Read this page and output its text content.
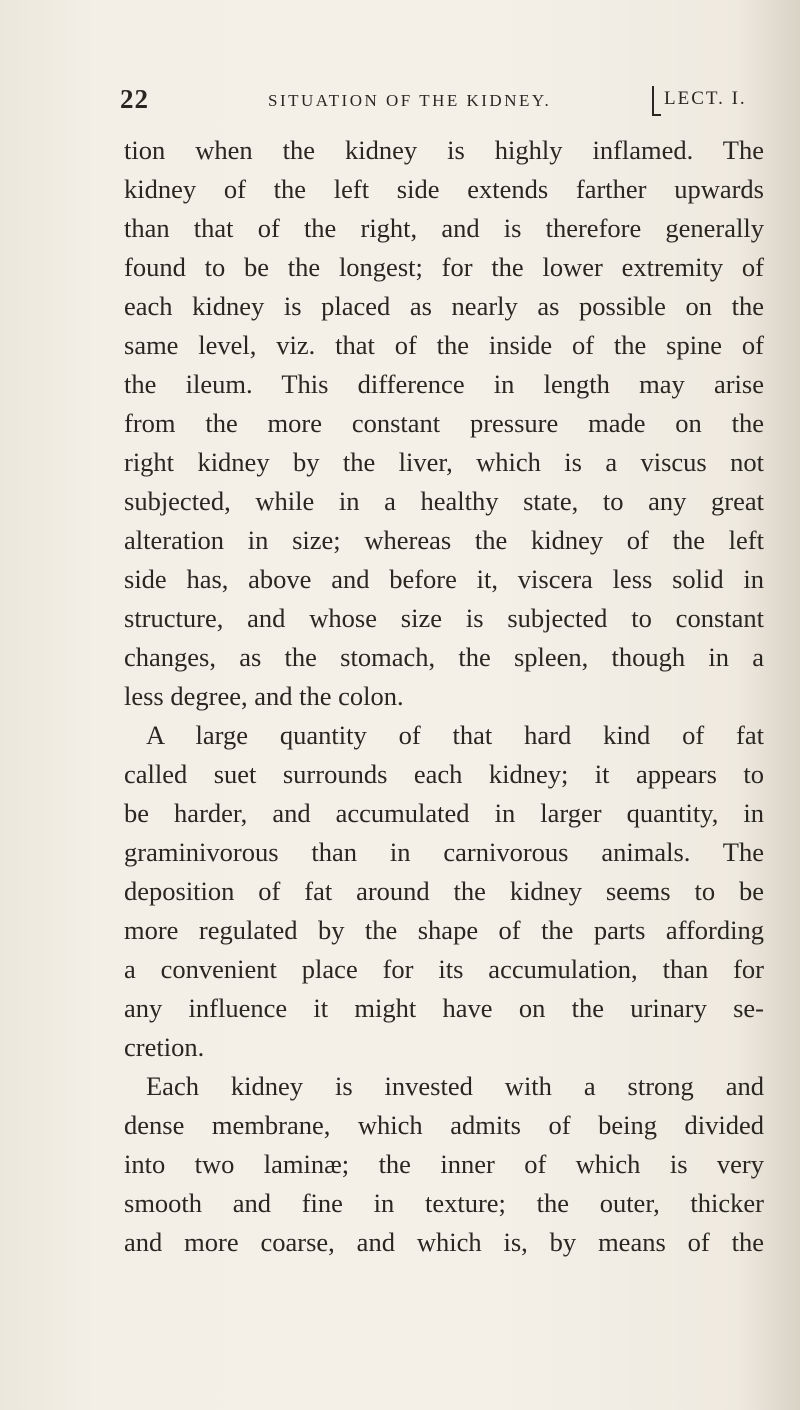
22	SITUATION OF THE KIDNEY.	LECT. I.
tion when the kidney is highly inflamed. The
kidney of the left side extends farther upwards
than that of the right, and is therefore generally
found to be the longest; for the lower extremity of
each kidney is placed as nearly as possible on the
same level, viz. that of the inside of the spine of
the ileum. This difference in length may arise
from the more constant pressure made on the
right kidney by the liver, which is a viscus not
subjected, while in a healthy state, to any great
alteration in size; whereas the kidney of the left
side has, above and before it, viscera less solid in
structure, and whose size is subjected to constant
changes, as the stomach, the spleen, though in a
less degree, and the colon.
A large quantity of that hard kind of fat
called suet surrounds each kidney; it appears to
be harder, and accumulated in larger quantity, in
graminivorous than in carnivorous animals. The
deposition of fat around the kidney seems to be
more regulated by the shape of the parts affording
a convenient place for its accumulation, than for
any influence it might have on the urinary se-
cretion.
Each kidney is invested with a strong and
dense membrane, which admits of being divided
into two laminæ; the inner of which is very
smooth and fine in texture; the outer, thicker
and more coarse, and which is, by means of the
